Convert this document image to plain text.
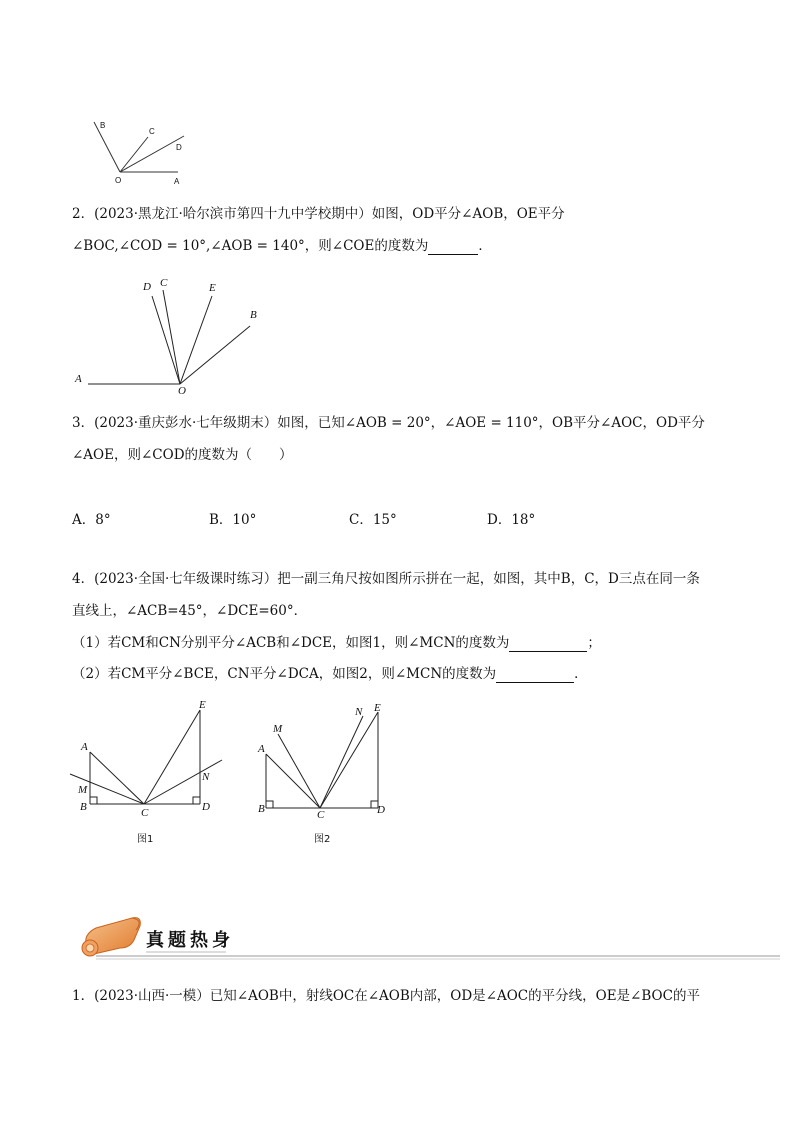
B
C
D
O	A
2．(2023·黑龙江·哈尔滨市第四十九中学校期中）如图，OD平分∠AOB，OE平分
∠BOC,∠COD = 10°,∠AOB = 140°，则∠COE的度数为	．
D C	E
B
A
O
3．(2023·重庆彭水·七年级期末）如图，已知∠AOB = 20°，∠AOE = 110°，OB平分∠AOC，OD平分
∠AOE，则∠COD的度数为（　　）
A．8°	B．10°	C．15°	D．18°
4．(2023·全国·七年级课时练习）把一副三角尺按如图所示拼在一起，如图，其中B，C，D三点在同一条
直线上，∠ACB=45°，∠DCE=60°．
（1）若CM和CN分别平分∠ACB和∠DCE，如图1，则∠MCN的度数为	；
（2）若CM平分∠BCE，CN平分∠DCA，如图2，则∠MCN的度数为	．
E
A
N
M
B	C	D
图1
M
N E
A
B	C	D
图2
真题热身
1．(2023·山西·一模）已知∠AOB中，射线OC在∠AOB内部，OD是∠AOC的平分线，OE是∠BOC的平
